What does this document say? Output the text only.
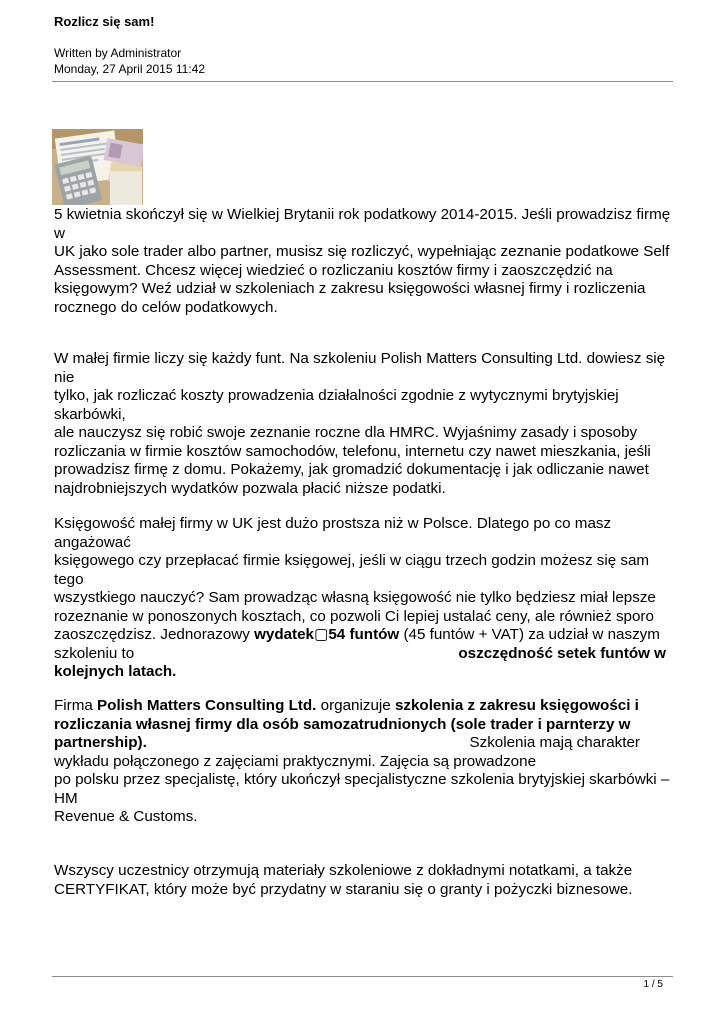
Rozlicz się sam!
Written by Administrator
Monday, 27 April 2015 11:42
5 kwietnia skończył się w Wielkiej Brytanii rok podatkowy 2014-2015. Jeśli prowadzisz firmę w
UK jako sole trader albo partner, musisz się rozliczyć, wypełniając zeznanie podatkowe Self
Assessment. Chcesz więcej wiedzieć o rozliczaniu kosztów firmy i zaoszczędzić na
księgowym? Weź udział w szkoleniach z zakresu księgowości własnej firmy i rozliczenia
rocznego do celów podatkowych.
W małej firmie liczy się każdy funt. Na szkoleniu Polish Matters Consulting Ltd. dowiesz się nie
tylko, jak rozliczać koszty prowadzenia działalności zgodnie z wytycznymi brytyjskiej skarbówki,
ale nauczysz się robić swoje zeznanie roczne dla HMRC. Wyjaśnimy zasady i sposoby
rozliczania w firmie kosztów samochodów, telefonu, internetu czy nawet mieszkania, jeśli
prowadzisz firmę z domu. Pokażemy, jak gromadzić dokumentację i jak odliczanie nawet
najdrobniejszych wydatków pozwala płacić niższe podatki.
Księgowość małej firmy w UK jest dużo prostsza niż w Polsce. Dlatego po co masz angażować
księgowego czy przepłacać firmie księgowej, jeśli w ciągu trzech godzin możesz się sam tego
wszystkiego nauczyć? Sam prowadząc własną księgowość nie tylko będziesz miał lepsze
rozeznanie w ponoszonych kosztach, co pozwoli Ci lepiej ustalać ceny, ale również sporo
zaoszczędzisz. Jednorazowy wydatek▢54 funtów (45 funtów + VAT) za udział w naszym
szkoleniu to	oszczędność setek funtów w
kolejnych latach.
Firma Polish Matters Consulting Ltd. organizuje szkolenia z zakresu księgowości i
rozliczania własnej firmy dla osób samozatrudnionych (sole trader i parnterzy w
partnership).	Szkolenia mają charakter
wykładu połączonego z zajęciami praktycznymi. Zajęcia są prowadzone
po polsku przez specjalistę, który ukończył specjalistyczne szkolenia brytyjskiej skarbówki – HM
Revenue & Customs.
Wszyscy uczestnicy otrzymują materiały szkoleniowe z dokładnymi notatkami, a także
CERTYFIKAT, który może być przydatny w staraniu się o granty i pożyczki biznesowe.
1 / 5
